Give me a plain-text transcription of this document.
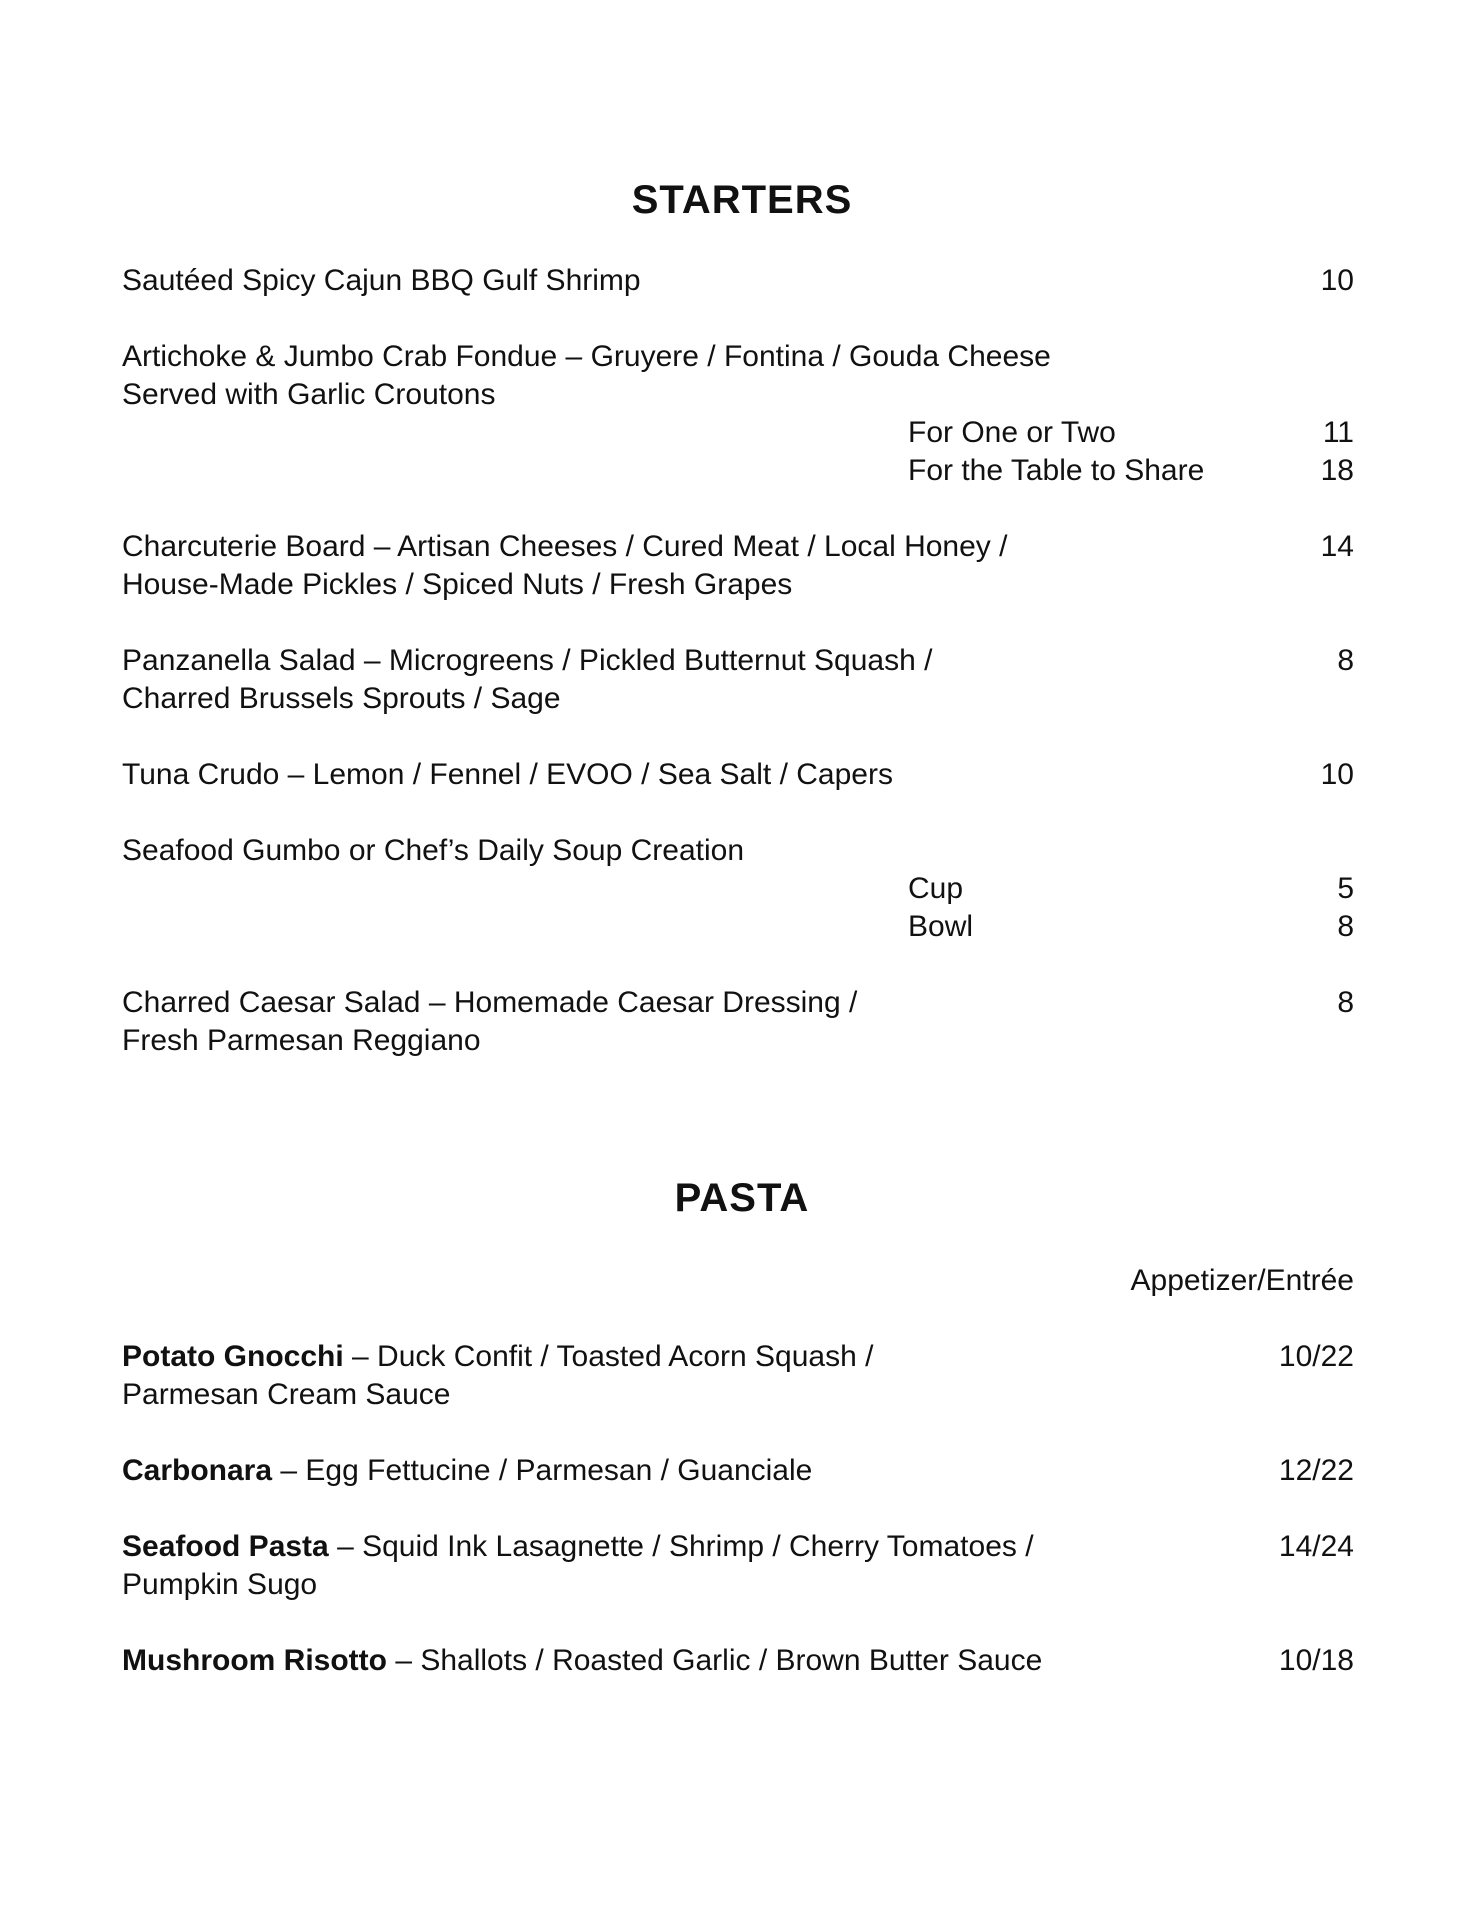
STARTERS
Sautéed Spicy Cajun BBQ Gulf Shrimp	10
Artichoke & Jumbo Crab Fondue – Gruyere / Fontina / Gouda Cheese
Served with Garlic Croutons
For One or Two	11
For the Table to Share	18
Charcuterie Board – Artisan Cheeses / Cured Meat / Local Honey /	14
House-Made Pickles / Spiced Nuts / Fresh Grapes
Panzanella Salad – Microgreens / Pickled Butternut Squash /	8
Charred Brussels Sprouts / Sage
Tuna Crudo – Lemon / Fennel / EVOO / Sea Salt / Capers	10
Seafood Gumbo or Chef’s Daily Soup Creation
Cup	5
Bowl	8
Charred Caesar Salad – Homemade Caesar Dressing /	8
Fresh Parmesan Reggiano
PASTA
Appetizer/Entrée
Potato Gnocchi – Duck Confit / Toasted Acorn Squash /	10/22
Parmesan Cream Sauce
Carbonara – Egg Fettucine / Parmesan / Guanciale	12/22
Seafood Pasta – Squid Ink Lasagnette / Shrimp / Cherry Tomatoes /	14/24
Pumpkin Sugo
Mushroom Risotto – Shallots / Roasted Garlic / Brown Butter Sauce	10/18
